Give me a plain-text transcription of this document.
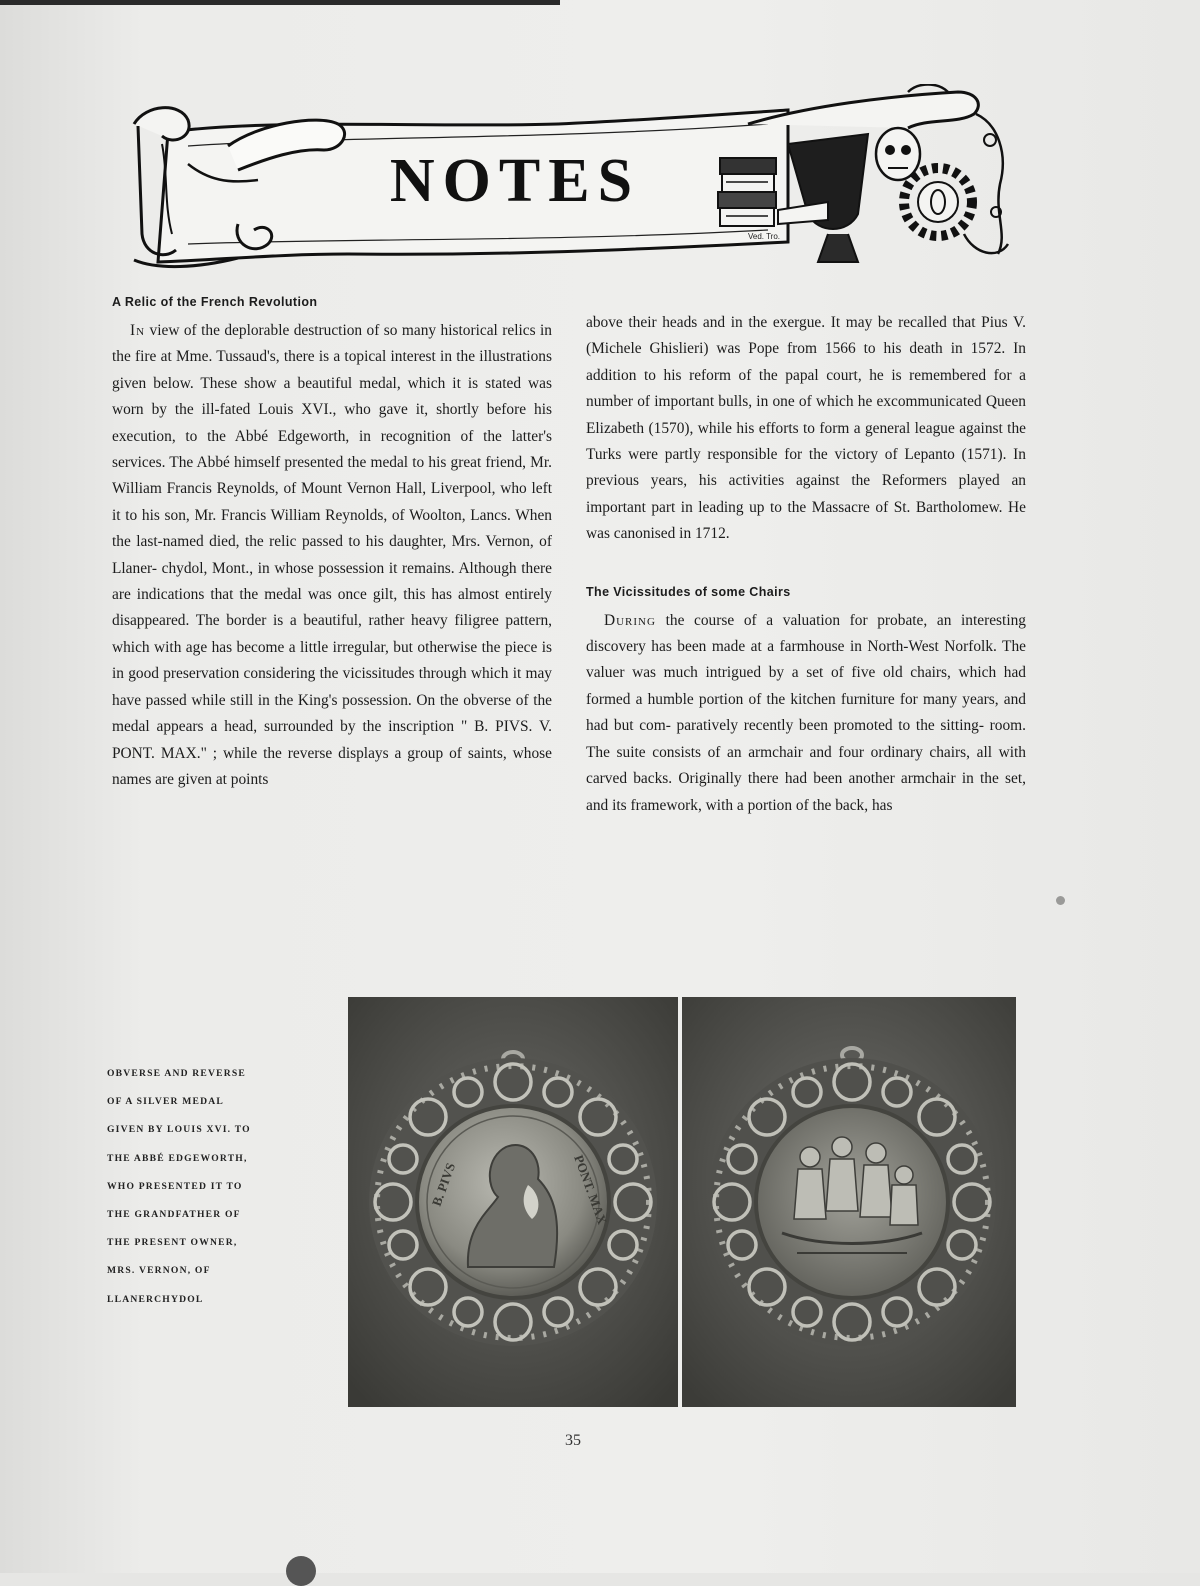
NOTES
Ved. Tro.
A Relic of the French Revolution
In view of the deplorable destruction of so many historical relics in the fire at Mme. Tussaud's, there is a topical interest in the illustrations given below. These show a beautiful medal, which it is stated was worn by the ill-fated Louis XVI., who gave it, shortly before his execution, to the Abbé Edgeworth, in recognition of the latter's services. The Abbé himself presented the medal to his great friend, Mr. William Francis Reynolds, of Mount Vernon Hall, Liverpool, who left it to his son, Mr. Francis William Reynolds, of Woolton, Lancs. When the last-named died, the relic passed to his daughter, Mrs. Vernon, of Llaner- chydol, Mont., in whose possession it remains. Although there are indications that the medal was once gilt, this has almost entirely disappeared. The border is a beautiful, rather heavy filigree pattern, which with age has become a little irregular, but otherwise the piece is in good preservation considering the vicissitudes through which it may have passed while still in the King's possession. On the obverse of the medal appears a head, surrounded by the inscription " B. PIVS. V. PONT. MAX." ; while the reverse displays a group of saints, whose names are given at points
above their heads and in the exergue. It may be recalled that Pius V. (Michele Ghislieri) was Pope from 1566 to his death in 1572. In addition to his reform of the papal court, he is remembered for a number of important bulls, in one of which he excommunicated Queen Elizabeth (1570), while his efforts to form a general league against the Turks were partly responsible for the victory of Lepanto (1571). In previous years, his activities against the Reformers played an important part in leading up to the Massacre of St. Bartholomew. He was canonised in 1712.
The Vicissitudes of some Chairs
During the course of a valuation for probate, an interesting discovery has been made at a farmhouse in North-West Norfolk. The valuer was much intrigued by a set of five old chairs, which had formed a humble portion of the kitchen furniture for many years, and had but com- paratively recently been promoted to the sitting- room. The suite consists of an armchair and four ordinary chairs, all with carved backs. Originally there had been another armchair in the set, and its framework, with a portion of the back, has
OBVERSE AND REVERSE
OF A SILVER MEDAL
GIVEN BY LOUIS XVI. TO
THE ABBÉ EDGEWORTH,
WHO PRESENTED IT TO
THE GRANDFATHER OF
THE PRESENT OWNER,
MRS. VERNON, OF
LLANERCHYDOL
B. PIVS	PONT. MAX
35
